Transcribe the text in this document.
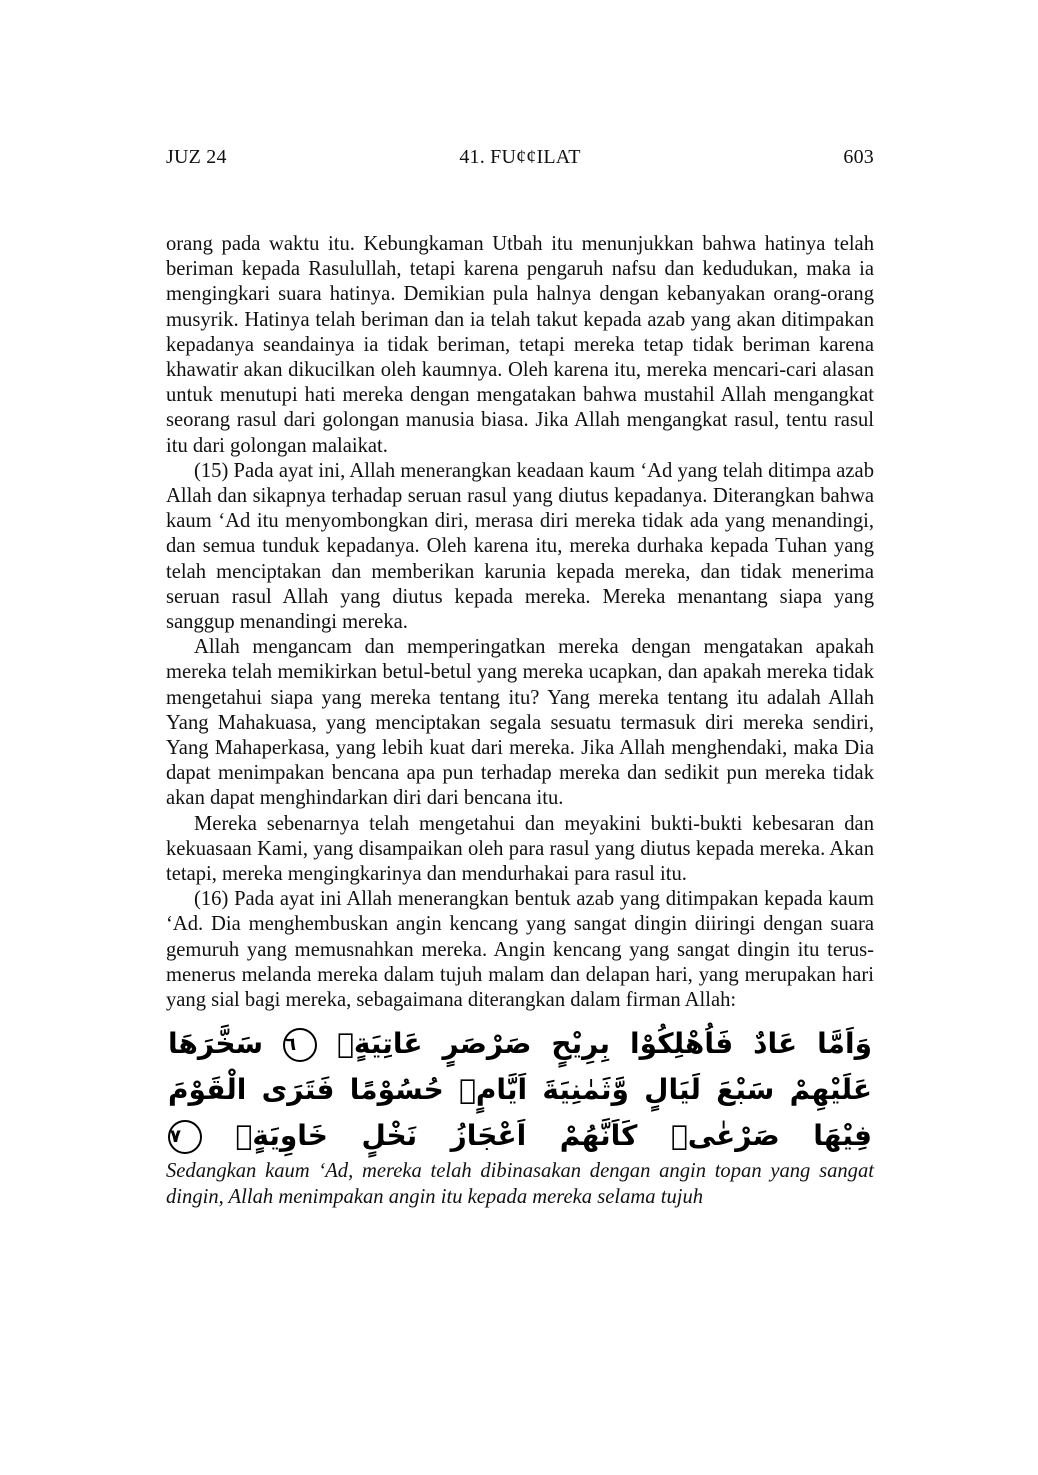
JUZ 24	41. FU¢¢ILAT	603

orang pada waktu itu. Kebungkaman Utbah itu menunjukkan bahwa hatinya telah beriman kepada Rasulullah, tetapi karena pengaruh nafsu dan kedudukan, maka ia mengingkari suara hatinya. Demikian pula halnya dengan kebanyakan orang-orang musyrik. Hatinya telah beriman dan ia telah takut kepada azab yang akan ditimpakan kepadanya seandainya ia tidak beriman, tetapi mereka tetap tidak beriman karena khawatir akan dikucilkan oleh kaumnya. Oleh karena itu, mereka mencari-cari alasan untuk menutupi hati mereka dengan mengatakan bahwa mustahil Allah mengangkat seorang rasul dari golongan manusia biasa. Jika Allah mengangkat rasul, tentu rasul itu dari golongan malaikat.

(15) Pada ayat ini, Allah menerangkan keadaan kaum ‘Ad yang telah ditimpa azab Allah dan sikapnya terhadap seruan rasul yang diutus kepadanya. Diterangkan bahwa kaum ‘Ad itu menyombongkan diri, merasa diri mereka tidak ada yang menandingi, dan semua tunduk kepadanya. Oleh karena itu, mereka durhaka kepada Tuhan yang telah menciptakan dan memberikan karunia kepada mereka, dan tidak menerima seruan rasul Allah yang diutus kepada mereka. Mereka menantang siapa yang sanggup menandingi mereka.

Allah mengancam dan memperingatkan mereka dengan mengatakan apakah mereka telah memikirkan betul-betul yang mereka ucapkan, dan apakah mereka tidak mengetahui siapa yang mereka tentang itu? Yang mereka tentang itu adalah Allah Yang Mahakuasa, yang menciptakan segala sesuatu termasuk diri mereka sendiri, Yang Mahaperkasa, yang lebih kuat dari mereka. Jika Allah menghendaki, maka Dia dapat menimpakan bencana apa pun terhadap mereka dan sedikit pun mereka tidak akan dapat menghindarkan diri dari bencana itu.

Mereka sebenarnya telah mengetahui dan meyakini bukti-bukti kebesaran dan kekuasaan Kami, yang disampaikan oleh para rasul yang diutus kepada mereka. Akan tetapi, mereka mengingkarinya dan mendurhakai para rasul itu.

(16) Pada ayat ini Allah menerangkan bentuk azab yang ditimpakan kepada kaum ‘Ad. Dia menghembuskan angin kencang yang sangat dingin diiringi dengan suara gemuruh yang memusnahkan mereka. Angin kencang yang sangat dingin itu terus-menerus melanda mereka dalam tujuh malam dan delapan hari, yang merupakan hari yang sial bagi mereka, sebagaimana diterangkan dalam firman Allah:

وَاَمَّا عَادٌ فَاُهْلِكُوْا بِرِيْحٍ صَرْصَرٍ عَاتِيَةٍۙ ٦ سَخَّرَهَا عَلَيْهِمْ سَبْعَ لَيَالٍ وَّثَمٰنِيَةَ اَيَّامٍۙ حُسُوْمًا فَتَرَى الْقَوْمَ فِيْهَا صَرْعٰىۙ كَاَنَّهُمْ اَعْجَازُ نَخْلٍ خَاوِيَةٍۚ ٧

Sedangkan kaum ‘Ad, mereka telah dibinasakan dengan angin topan yang sangat dingin, Allah menimpakan angin itu kepada mereka selama tujuh
